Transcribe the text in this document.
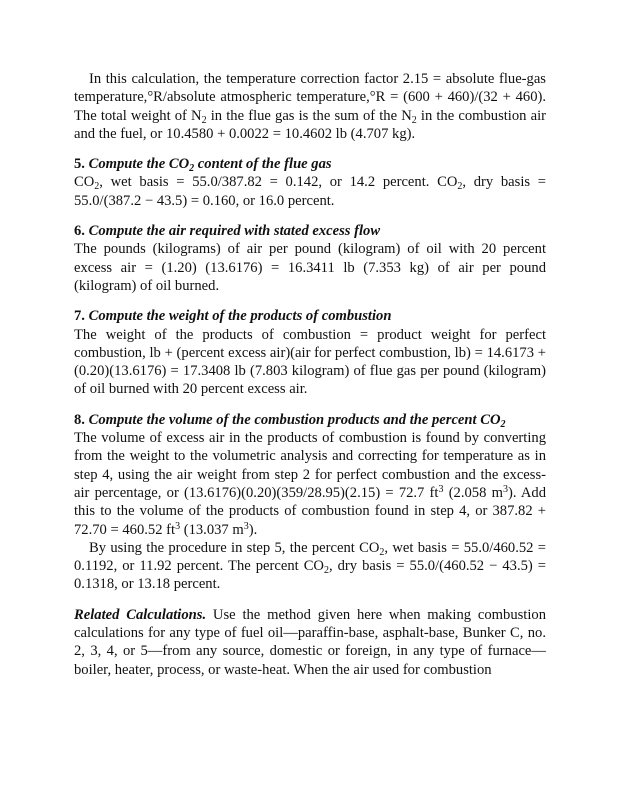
In this calculation, the temperature correction factor 2.15 = absolute flue-gas temperature,°R/absolute atmospheric temperature,°R = (600 + 460)/(32 + 460). The total weight of $N_2$ in the flue gas is the sum of the $N_2$ in the combustion air and the fuel, or 10.4580 + 0.0022 = 10.4602 lb (4.707 kg).

5. Compute the $CO_2$ content of the flue gas

$CO_2$, wet basis = 55.0/387.82 = 0.142, or 14.2 percent. $CO_2$, dry basis = 55.0/(387.2 − 43.5) = 0.160, or 16.0 percent.

6. Compute the air required with stated excess flow

The pounds (kilograms) of air per pound (kilogram) of oil with 20 percent excess air = (1.20) (13.6176) = 16.3411 lb (7.353 kg) of air per pound (kilogram) of oil burned.

7. Compute the weight of the products of combustion

The weight of the products of combustion = product weight for perfect combustion, lb + (percent excess air)(air for perfect combustion, lb) = 14.6173 + (0.20)(13.6176) = 17.3408 lb (7.803 kilogram) of flue gas per pound (kilogram) of oil burned with 20 percent excess air.

8. Compute the volume of the combustion products and the percent $CO_2$

The volume of excess air in the products of combustion is found by converting from the weight to the volumetric analysis and correcting for temperature as in step 4, using the air weight from step 2 for perfect combustion and the excess-air percentage, or (13.6176)(0.20)(359/28.95)(2.15) = 72.7 $ft^3$ (2.058 $m^3$). Add this to the volume of the products of combustion found in step 4, or 387.82 + 72.70 = 460.52 $ft^3$ (13.037 $m^3$).

By using the procedure in step 5, the percent $CO_2$, wet basis = 55.0/460.52 = 0.1192, or 11.92 percent. The percent $CO_2$, dry basis = 55.0/(460.52 − 43.5) = 0.1318, or 13.18 percent.

Related Calculations. Use the method given here when making combustion calculations for any type of fuel oil—paraffin-base, asphalt-base, Bunker C, no. 2, 3, 4, or 5—from any source, domestic or foreign, in any type of furnace—boiler, heater, process, or waste-heat. When the air used for combustion
